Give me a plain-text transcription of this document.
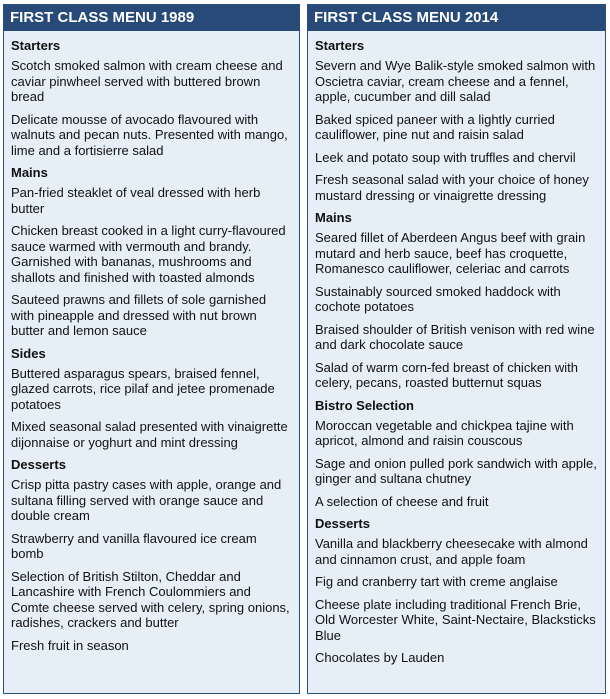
FIRST CLASS MENU 1989
Starters
Scotch smoked salmon with cream cheese and caviar pinwheel served with buttered brown bread
Delicate mousse of avocado flavoured with walnuts and pecan nuts. Presented with mango, lime and a fortisierre salad
Mains
Pan-fried steaklet of veal dressed with herb butter
Chicken breast cooked in a light curry-flavoured sauce warmed with vermouth and brandy. Garnished with bananas, mushrooms and shallots and finished with toasted almonds
Sauteed prawns and fillets of sole garnished with pineapple and dressed with nut brown butter and lemon sauce
Sides
Buttered asparagus spears, braised fennel, glazed carrots, rice pilaf and jetee promenade potatoes
Mixed seasonal salad presented with vinaigrette dijonnaise or yoghurt and mint dressing
Desserts
Crisp pitta pastry cases with apple, orange and sultana filling served with orange sauce and double cream
Strawberry and vanilla flavoured ice cream bomb
Selection of British Stilton, Cheddar and Lancashire with French Coulommiers and Comte cheese served with celery, spring onions, radishes, crackers and butter
Fresh fruit in season
FIRST CLASS MENU 2014
Starters
Severn and Wye Balik-style smoked salmon with Oscietra caviar, cream cheese and a fennel, apple, cucumber and dill salad
Baked spiced paneer with a lightly curried cauliflower, pine nut and raisin salad
Leek and potato soup with truffles and chervil
Fresh seasonal salad with your choice of honey mustard dressing or vinaigrette dressing
Mains
Seared fillet of Aberdeen Angus beef with grain mutard and herb sauce, beef has croquette, Romanesco cauliflower, celeriac and carrots
Sustainably sourced smoked haddock with cochote potatoes
Braised shoulder of British venison with red wine and dark chocolate sauce
Salad of warm corn-fed breast of chicken with celery, pecans, roasted butternut squas
Bistro Selection
Moroccan vegetable and chickpea tajine with apricot, almond and raisin couscous
Sage and onion pulled pork sandwich with apple, ginger and sultana chutney
A selection of cheese and fruit
Desserts
Vanilla and blackberry cheesecake with almond and cinnamon crust, and apple foam
Fig and cranberry tart with creme anglaise
Cheese plate including traditional French Brie, Old Worcester White, Saint-Nectaire, Blacksticks Blue
Chocolates by Lauden
